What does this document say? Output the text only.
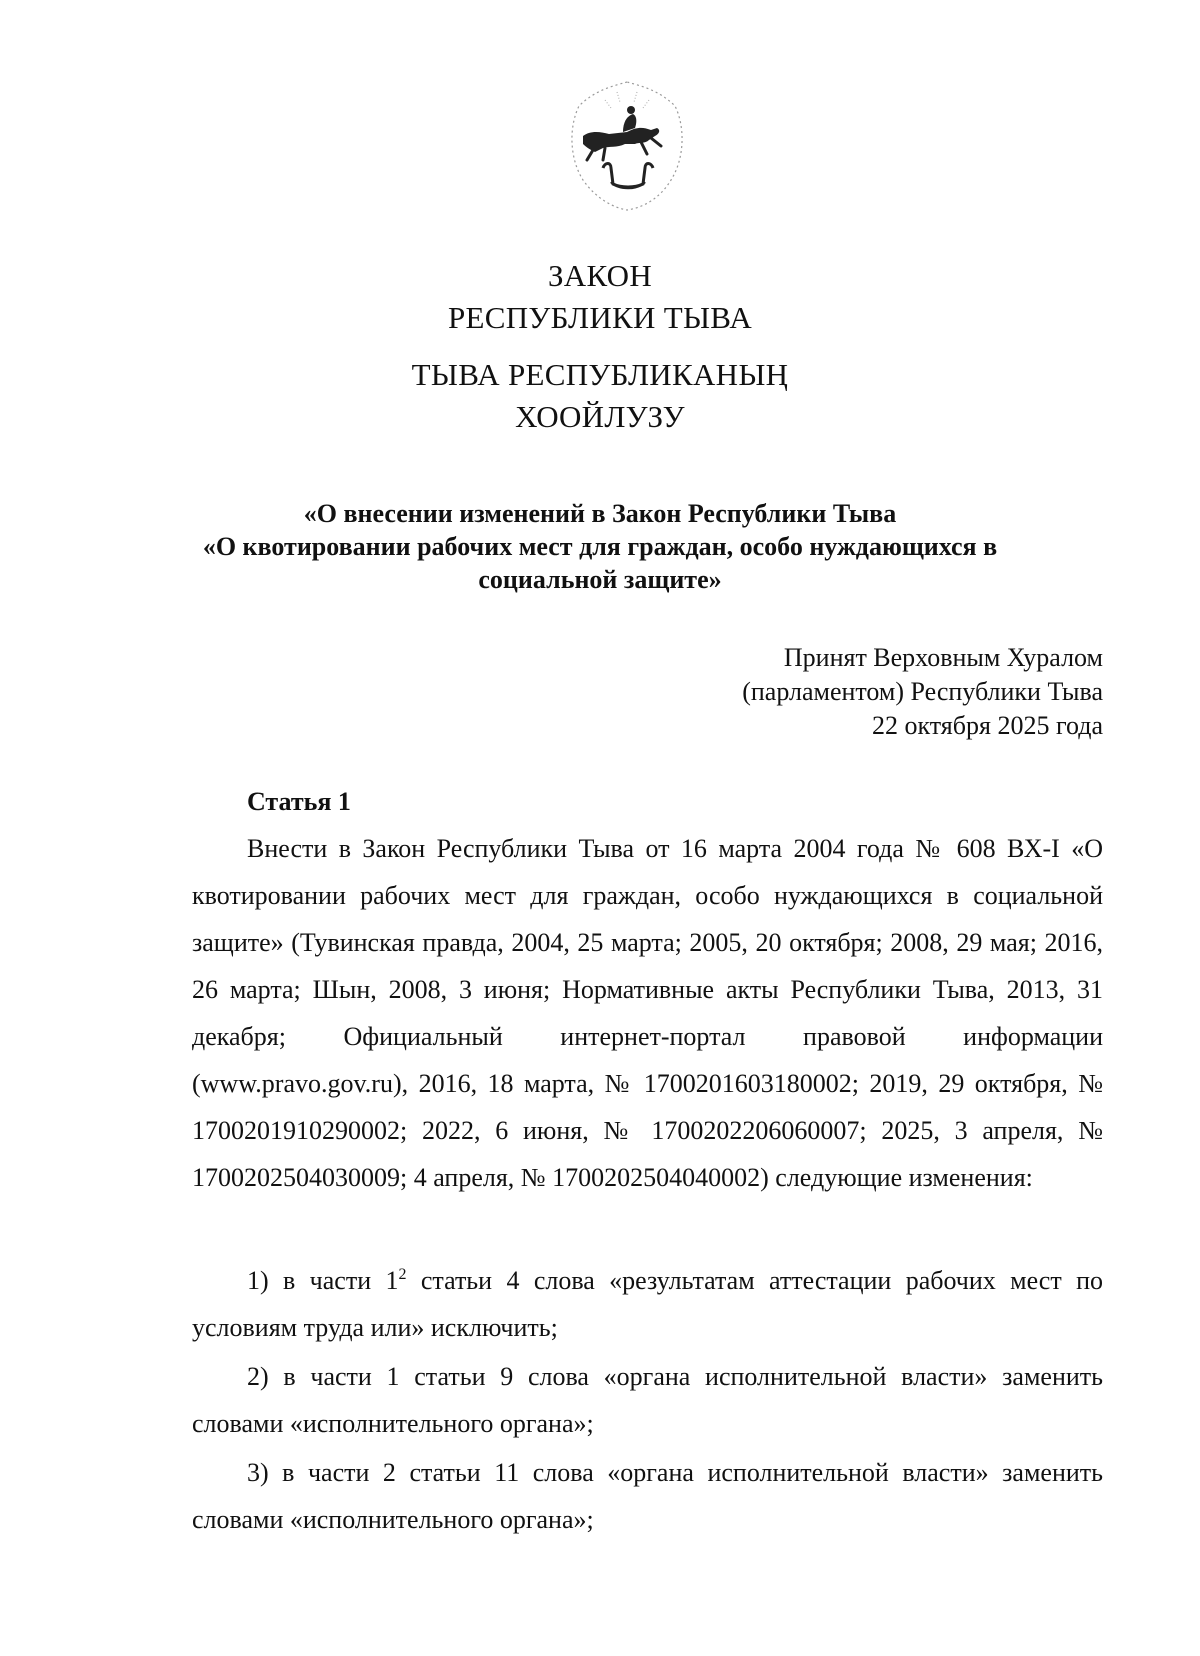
ЗАКОН
РЕСПУБЛИКИ ТЫВА
ТЫВА РЕСПУБЛИКАНЫҢ
ХООЙЛУЗУ
«О внесении изменений в Закон Республики Тыва
«О квотировании рабочих мест для граждан, особо нуждающихся в
социальной защите»
Принят Верховным Хуралом
(парламентом) Республики Тыва
22 октября 2025 года
Статья 1

Внести в Закон Республики Тыва от 16 марта 2004 года № 608 ВХ-I «О квотировании рабочих мест для граждан, особо нуждающихся в социальной защите» (Тувинская правда, 2004, 25 марта; 2005, 20 октября; 2008, 29 мая; 2016, 26 марта; Шын, 2008, 3 июня; Нормативные акты Республики Тыва, 2013, 31 декабря; Официальный интернет-портал правовой информации (www.pravo.gov.ru), 2016, 18 марта, № 1700201603180002; 2019, 29 октября, № 1700201910290002; 2022, 6 июня, № 1700202206060007; 2025, 3 апреля, № 1700202504030009; 4 апреля, № 1700202504040002) следующие изменения:

1) в части $1^2$ статьи 4 слова «результатам аттестации рабочих мест по условиям труда или» исключить;

2) в части 1 статьи 9 слова «органа исполнительной власти» заменить словами «исполнительного органа»;

3) в части 2 статьи 11 слова «органа исполнительной власти» заменить словами «исполнительного органа»;
